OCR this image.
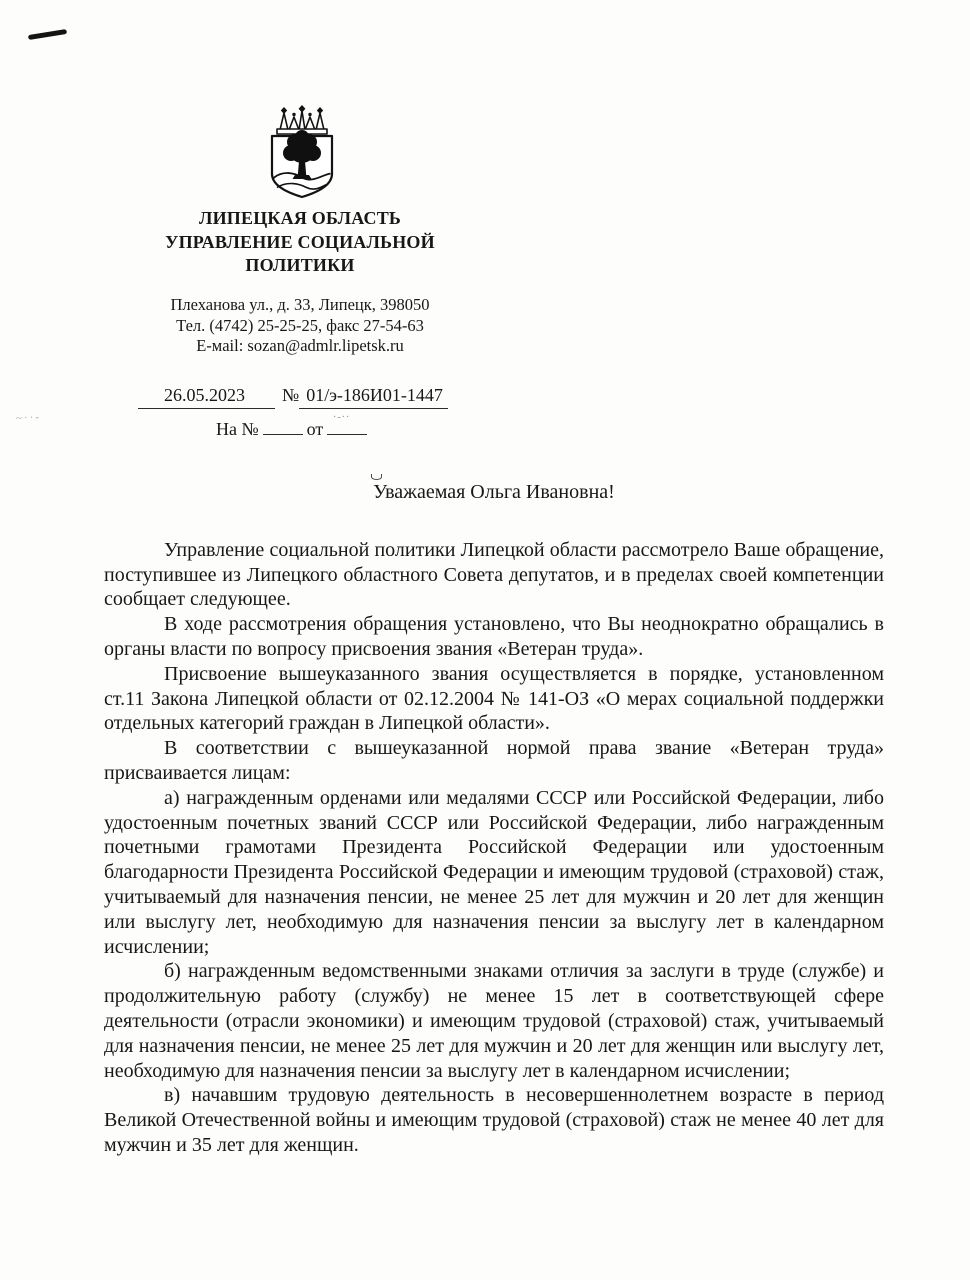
~··‐	·‐··
ЛИПЕЦКАЯ ОБЛАСТЬ
УПРАВЛЕНИЕ СОЦИАЛЬНОЙ
ПОЛИТИКИ
Плеханова ул., д. 33, Липецк, 398050
Тел. (4742) 25-25-25, факс 27-54-63
E-мail: sozan@admlr.lipetsk.ru
26.05.2023 № 01/э-186И01-1447
На №	от

Уважаемая Ольга Ивановна!

Управление социальной политики Липецкой области рассмотрело Ваше обращение, поступившее из Липецкого областного Совета депутатов, и в пределах своей компетенции сообщает следующее.

В ходе рассмотрения обращения установлено, что Вы неоднократно обращались в органы власти по вопросу присвоения звания «Ветеран труда».

Присвоение вышеуказанного звания осуществляется в порядке, установленном ст.11 Закона Липецкой области от 02.12.2004 № 141-ОЗ «О мерах социальной поддержки отдельных категорий граждан в Липецкой области».

В соответствии с вышеуказанной нормой права звание «Ветеран труда» присваивается лицам:

а) награжденным орденами или медалями СССР или Российской Федерации, либо удостоенным почетных званий СССР или Российской Федерации, либо награжденным почетными грамотами Президента Российской Федерации или удостоенным благодарности Президента Российской Федерации и имеющим трудовой (страховой) стаж, учитываемый для назначения пенсии, не менее 25 лет для мужчин и 20 лет для женщин или выслугу лет, необходимую для назначения пенсии за выслугу лет в календарном исчислении;

б) награжденным ведомственными знаками отличия за заслуги в труде (службе) и продолжительную работу (службу) не менее 15 лет в соответствующей сфере деятельности (отрасли экономики) и имеющим трудовой (страховой) стаж, учитываемый для назначения пенсии, не менее 25 лет для мужчин и 20 лет для женщин или выслугу лет, необходимую для назначения пенсии за выслугу лет в календарном исчислении;

в) начавшим трудовую деятельность в несовершеннолетнем возрасте в период Великой Отечественной войны и имеющим трудовой (страховой) стаж не менее 40 лет для мужчин и 35 лет для женщин.
